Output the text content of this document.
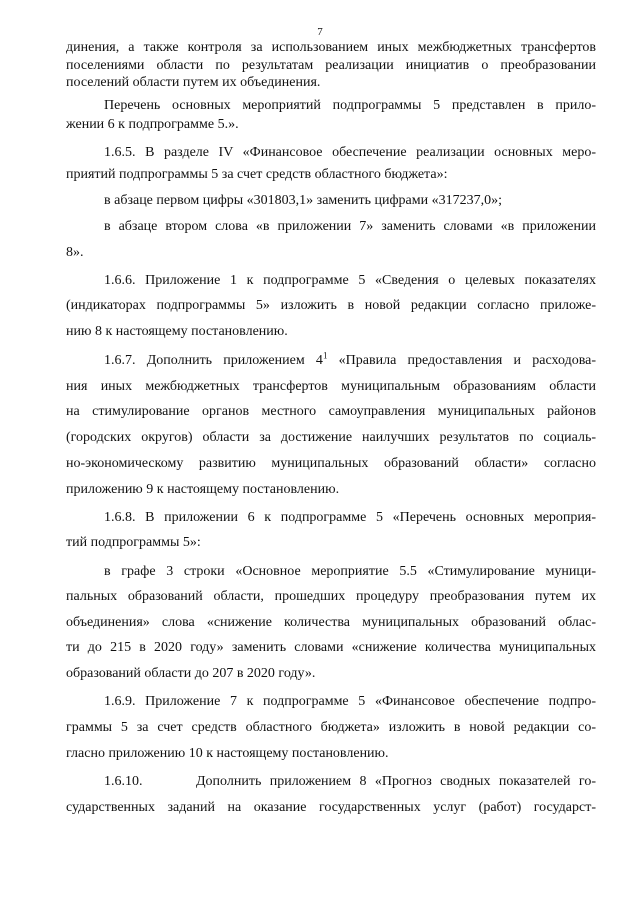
7
динения, а также контроля за использованием иных межбюджетных трансфертов
поселениями области по результатам реализации инициатив о преобразовании
поселений области путем их объединения.
Перечень основных мероприятий подпрограммы 5 представлен в прило-
жении 6 к подпрограмме 5.».
1.6.5. В разделе IV «Финансовое обеспечение реализации основных меро-
приятий подпрограммы 5 за счет средств областного бюджета»:
в абзаце первом цифры «301803,1» заменить цифрами «317237,0»;
в абзаце втором слова «в приложении 7» заменить словами «в приложении
8».
1.6.6. Приложение 1 к подпрограмме 5 «Сведения о целевых показателях
(индикаторах подпрограммы 5» изложить в новой редакции согласно приложе-
нию 8 к настоящему постановлению.
1.6.7. Дополнить приложением $4^1$ «Правила предоставления и расходова-
ния иных межбюджетных трансфертов муниципальным образованиям области
на стимулирование органов местного самоуправления муниципальных районов
(городских округов) области за достижение наилучших результатов по социаль-
но-экономическому развитию муниципальных образований области» согласно
приложению 9 к настоящему постановлению.
1.6.8. В приложении 6 к подпрограмме 5 «Перечень основных мероприя-
тий подпрограммы 5»:
в графе 3 строки «Основное мероприятие 5.5 «Стимулирование муници-
пальных образований области, прошедших процедуру преобразования путем их
объединения» слова «снижение количества муниципальных образований облас-
ти до 215 в 2020 году» заменить словами «снижение количества муниципальных
образований области до 207 в 2020 году».
1.6.9. Приложение 7 к подпрограмме 5 «Финансовое обеспечение подпро-
граммы 5 за счет средств областного бюджета» изложить в новой редакции со-
гласно приложению 10 к настоящему постановлению.
1.6.10.	Дополнить приложением 8 «Прогноз сводных показателей го-
сударственных заданий на оказание государственных услуг (работ) государст-
